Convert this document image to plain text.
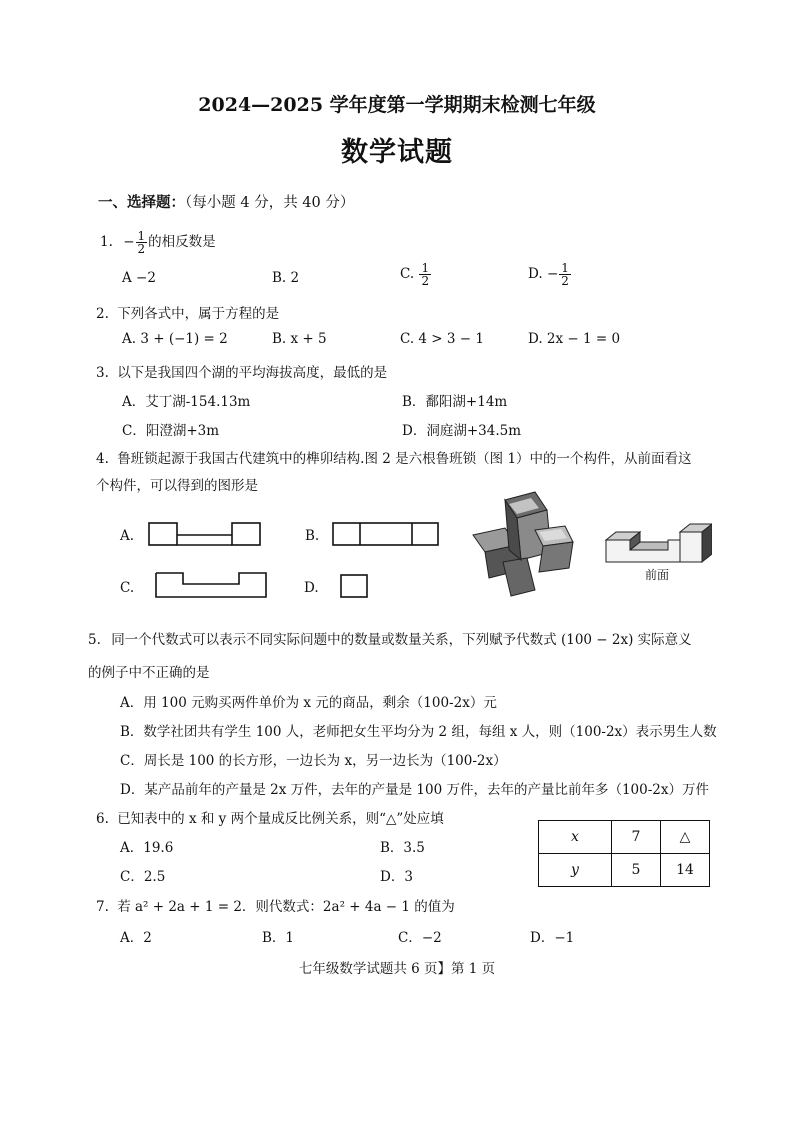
2024—2025 学年度第一学期期末检测七年级
数学试题
一、选择题：（每小题 4 分，共 40 分）
1. − $\frac{1}{2}$ 的相反数是
A −2	B. 2	C. $\frac{1}{2}$	D. − $\frac{1}{2}$
2. 下列各式中，属于方程的是
A. 3 + (−1) = 2	B. x + 5	C. 4 > 3 − 1	D. 2x − 1 = 0
3. 以下是我国四个湖的平均海拔高度，最低的是
A．艾丁湖-154.13m	B．鄱阳湖+14m
C．阳澄湖+3m	D．洞庭湖+34.5m
4. 鲁班锁起源于我国古代建筑中的榫卯结构.图 2 是六根鲁班锁（图 1）中的一个构件，从前面看这
个构件，可以得到的图形是
A.	B.
C.	D.
前面
5. 同一个代数式可以表示不同实际问题中的数量或数量关系，下列赋予代数式 (100 − 2x) 实际意义
的例子中不正确的是
A．用 100 元购买两件单价为 x 元的商品，剩余（100-2x）元
B．数学社团共有学生 100 人，老师把女生平均分为 2 组，每组 x 人，则（100-2x）表示男生人数
C．周长是 100 的长方形，一边长为 x，另一边长为（100-2x）
D．某产品前年的产量是 2x 万件，去年的产量是 100 万件，去年的产量比前年多（100-2x）万件
6. 已知表中的 x 和 y 两个量成反比例关系，则“△”处应填
A．19.6	B．3.5
C．2.5	D．3
x	7	△
y	5	14
7. 若 a² + 2a + 1 = 2．则代数式：2a² + 4a − 1 的值为
A．2	B．1	C．−2	D．−1
七年级数学试题共 6 页】第 1 页
